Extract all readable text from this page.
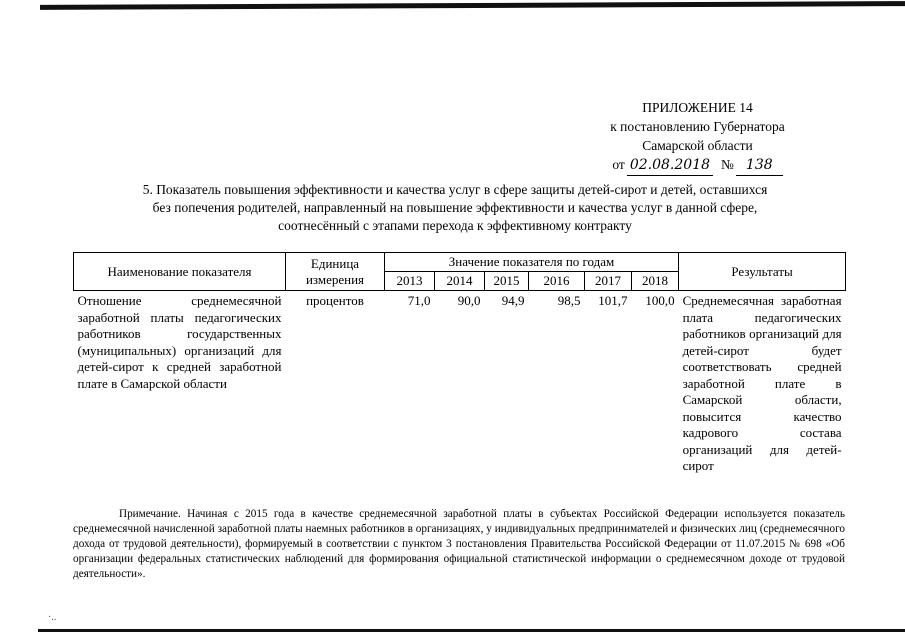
ПРИЛОЖЕНИЕ 14
к постановлению Губернатора
Самарской области
от 02.08.2018 № 138
5. Показатель повышения эффективности и качества услуг в сфере защиты детей-сирот и детей, оставшихся
без попечения родителей, направленный на повышение эффективности и качества услуг в данной сфере,
соотнесённый с этапами перехода к эффективному контракту
Наименование показателя	Единица измерения	Значение показателя по годам						Результаты
		2013	2014	2015	2016	2017	2018	
Отношение среднемесячной заработной платы педагогических работников государственных (муниципальных) организаций для детей-сирот к средней заработной плате в Самарской области	процентов	71,0	90,0	94,9	98,5	101,7	100,0	Среднемесячная заработная плата педагогических работников организаций для детей-сирот будет соответствовать средней заработной плате в Самарской области, повысится качество кадрового состава организаций для детей-сирот
Примечание. Начиная с 2015 года в качестве среднемесячной заработной платы в субъектах Российской Федерации используется показатель среднемесячной начисленной заработной платы наемных работников в организациях, у индивидуальных предпринимателей и физических лиц (среднемесячного дохода от трудовой деятельности), формируемый в соответствии с пунктом 3 постановления Правительства Российской Федерации от 11.07.2015 № 698 «Об организации федеральных статистических наблюдений для формирования официальной статистической информации о среднемесячном доходе от трудовой деятельности».
·..
